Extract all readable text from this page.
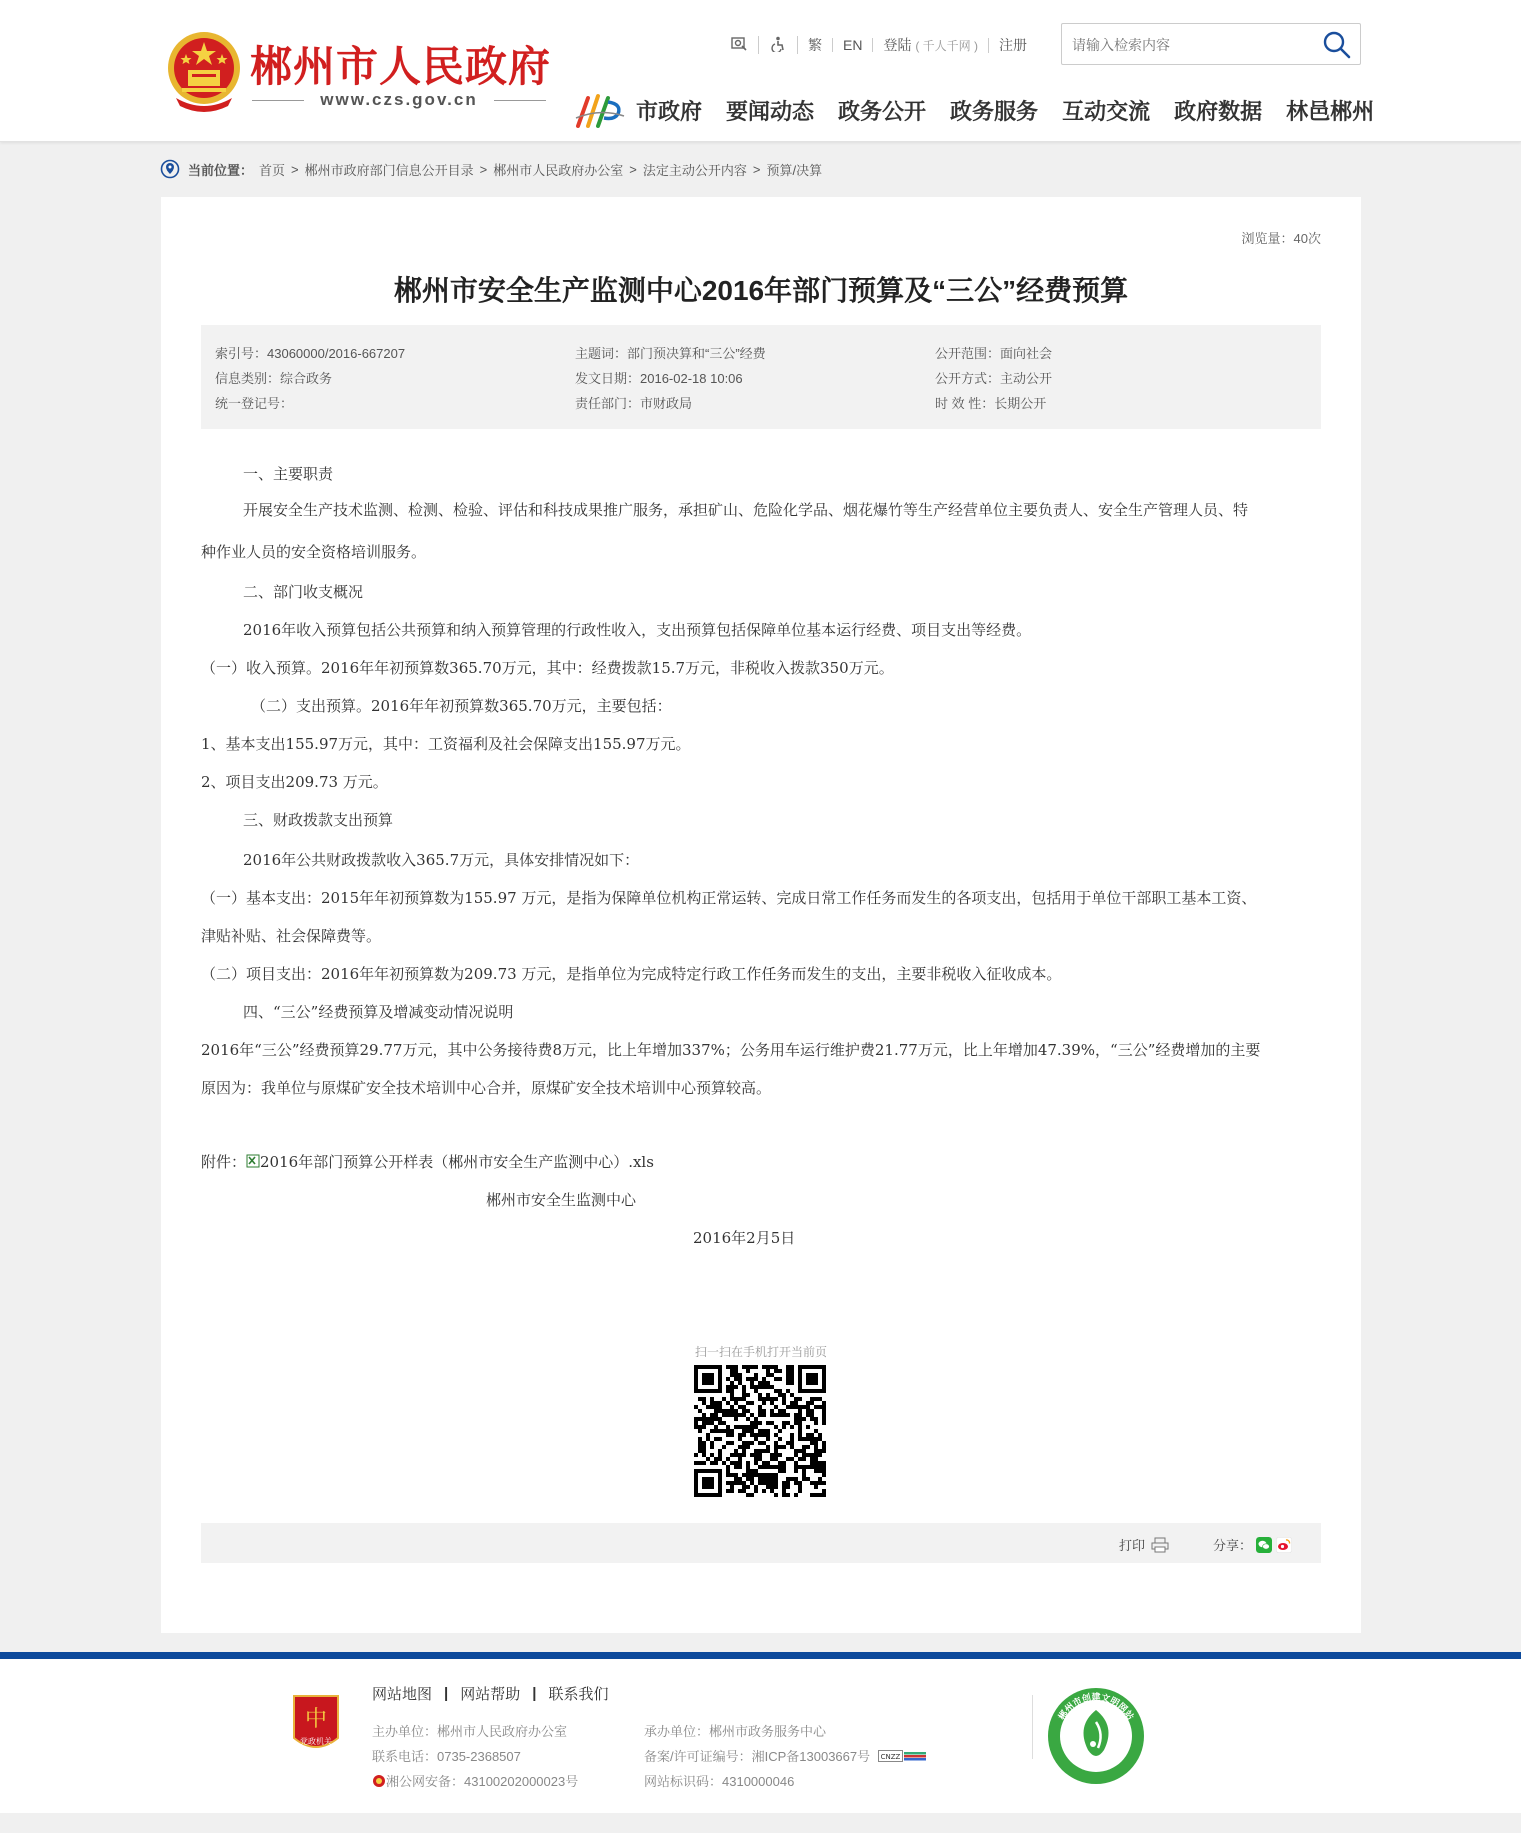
郴州市人民政府
www.czs.gov.cn
繁	EN	登陆 ( 千人千网 )	注册
请输入检索内容
市政府 要闻动态 政务公开 政务服务 互动交流 政府数据 林邑郴州
当前位置： 首页 > 郴州市政府部门信息公开目录 > 郴州市人民政府办公室 > 法定主动公开内容 > 预算/决算
浏览量：40次
郴州市安全生产监测中心2016年部门预算及“三公”经费预算
索引号：43060000/2016-667207	主题词：部门预决算和“三公”经费	公开范围：面向社会
信息类别：综合政务	发文日期：2016-02-18 10:06	公开方式：主动公开
统一登记号：	责任部门：市财政局	时 效 性：长期公开

一、主要职责

开展安全生产技术监测、检测、检验、评估和科技成果推广服务，承担矿山、危险化学品、烟花爆竹等生产经营单位主要负责人、安全生产管理人员、特

种作业人员的安全资格培训服务。

二、部门收支概况

2016年收入预算包括公共预算和纳入预算管理的行政性收入，支出预算包括保障单位基本运行经费、项目支出等经费。

（一）收入预算。2016年年初预算数365.70万元，其中：经费拨款15.7万元，非税收入拨款350万元。

（二）支出预算。2016年年初预算数365.70万元，主要包括：

1、基本支出155.97万元，其中：工资福利及社会保障支出155.97万元。

2、项目支出209.73 万元。

三、财政拨款支出预算

2016年公共财政拨款收入365.7万元，具体安排情况如下：

（一）基本支出：2015年年初预算数为155.97 万元，是指为保障单位机构正常运转、完成日常工作任务而发生的各项支出，包括用于单位干部职工基本工资、

津贴补贴、社会保障费等。

（二）项目支出：2016年年初预算数为209.73 万元，是指单位为完成特定行政工作任务而发生的支出，主要非税收入征收成本。

四、“三公”经费预算及增减变动情况说明

2016年“三公”经费预算29.77万元，其中公务接待费8万元，比上年增加337%；公务用车运行维护费21.77万元，比上年增加47.39%，“三公”经费增加的主要

原因为：我单位与原煤矿安全技术培训中心合并，原煤矿安全技术培训中心预算较高。

附件： 2016年部门预算公开样表（郴州市安全生产监测中心）.xls

郴州市安全生监测中心

2016年2月5日

扫一扫在手机打开当前页
打印	分享：
中
党政机关
网站地图 | 网站帮助 | 联系我们
主办单位：郴州市人民政府办公室	承办单位：郴州市政务服务中心
联系电话：0735-2368507	备案/许可证编号：湘ICP备13003667号 CNZZ
湘公网安备：43100202000023号	网站标识码：4310000046
郴州市创建文明网站
